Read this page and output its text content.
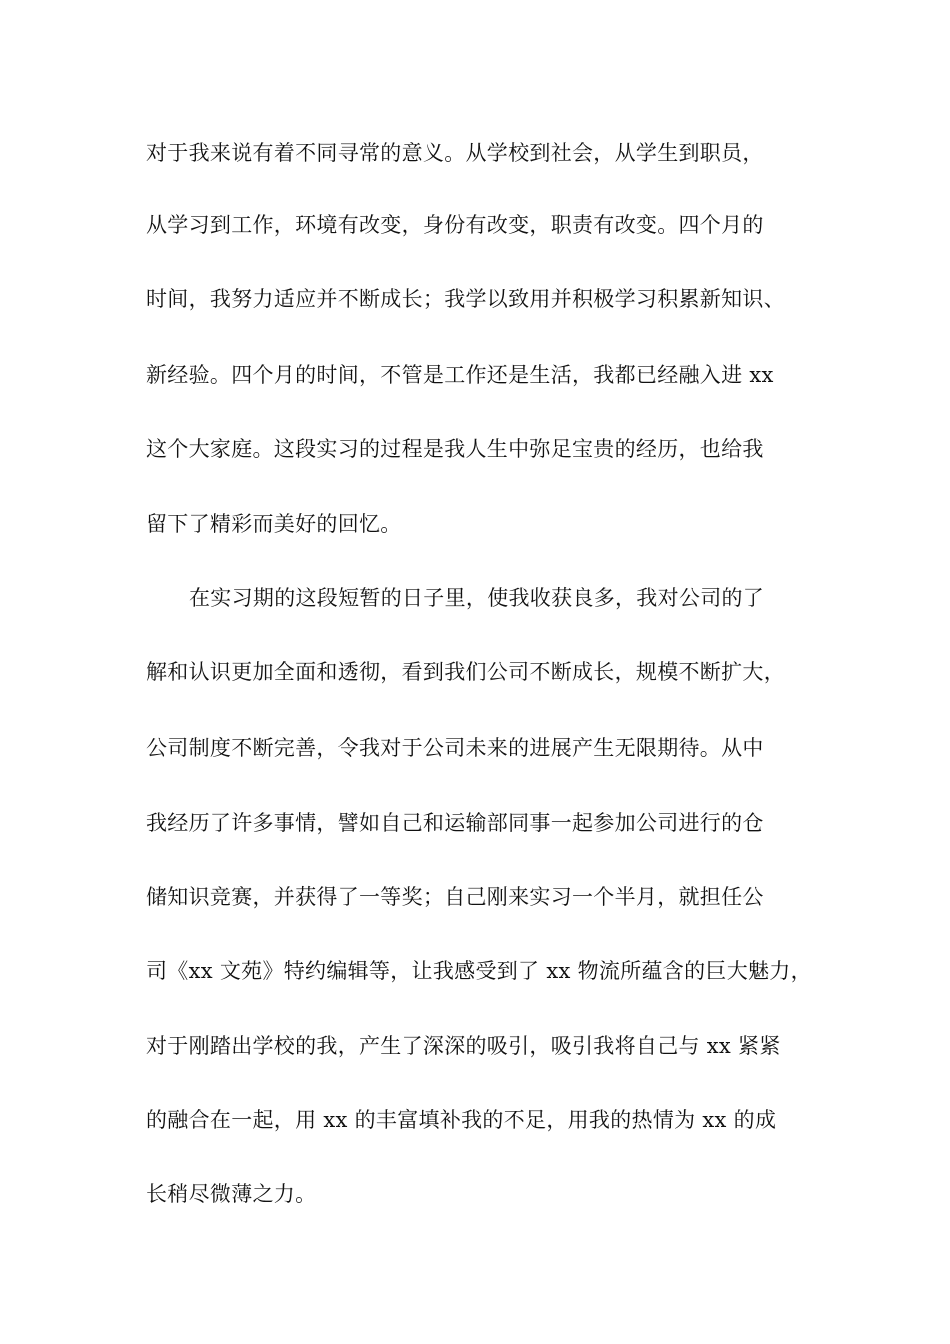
对于我来说有着不同寻常的意义。从学校到社会，从学生到职员，
从学习到工作，环境有改变，身份有改变，职责有改变。四个月的
时间，我努力适应并不断成长；我学以致用并积极学习积累新知识、
新经验。四个月的时间，不管是工作还是生活，我都已经融入进 xx
这个大家庭。这段实习的过程是我人生中弥足宝贵的经历，也给我
留下了精彩而美好的回忆。
在实习期的这段短暂的日子里，使我收获良多，我对公司的了
解和认识更加全面和透彻，看到我们公司不断成长，规模不断扩大，
公司制度不断完善，令我对于公司未来的进展产生无限期待。从中
我经历了许多事情，譬如自己和运输部同事一起参加公司进行的仓
储知识竞赛，并获得了一等奖；自己刚来实习一个半月，就担任公
司《xx 文苑》特约编辑等，让我感受到了 xx 物流所蕴含的巨大魅力，
对于刚踏出学校的我，产生了深深的吸引，吸引我将自己与 xx 紧紧
的融合在一起，用 xx 的丰富填补我的不足，用我的热情为 xx 的成
长稍尽微薄之力。
